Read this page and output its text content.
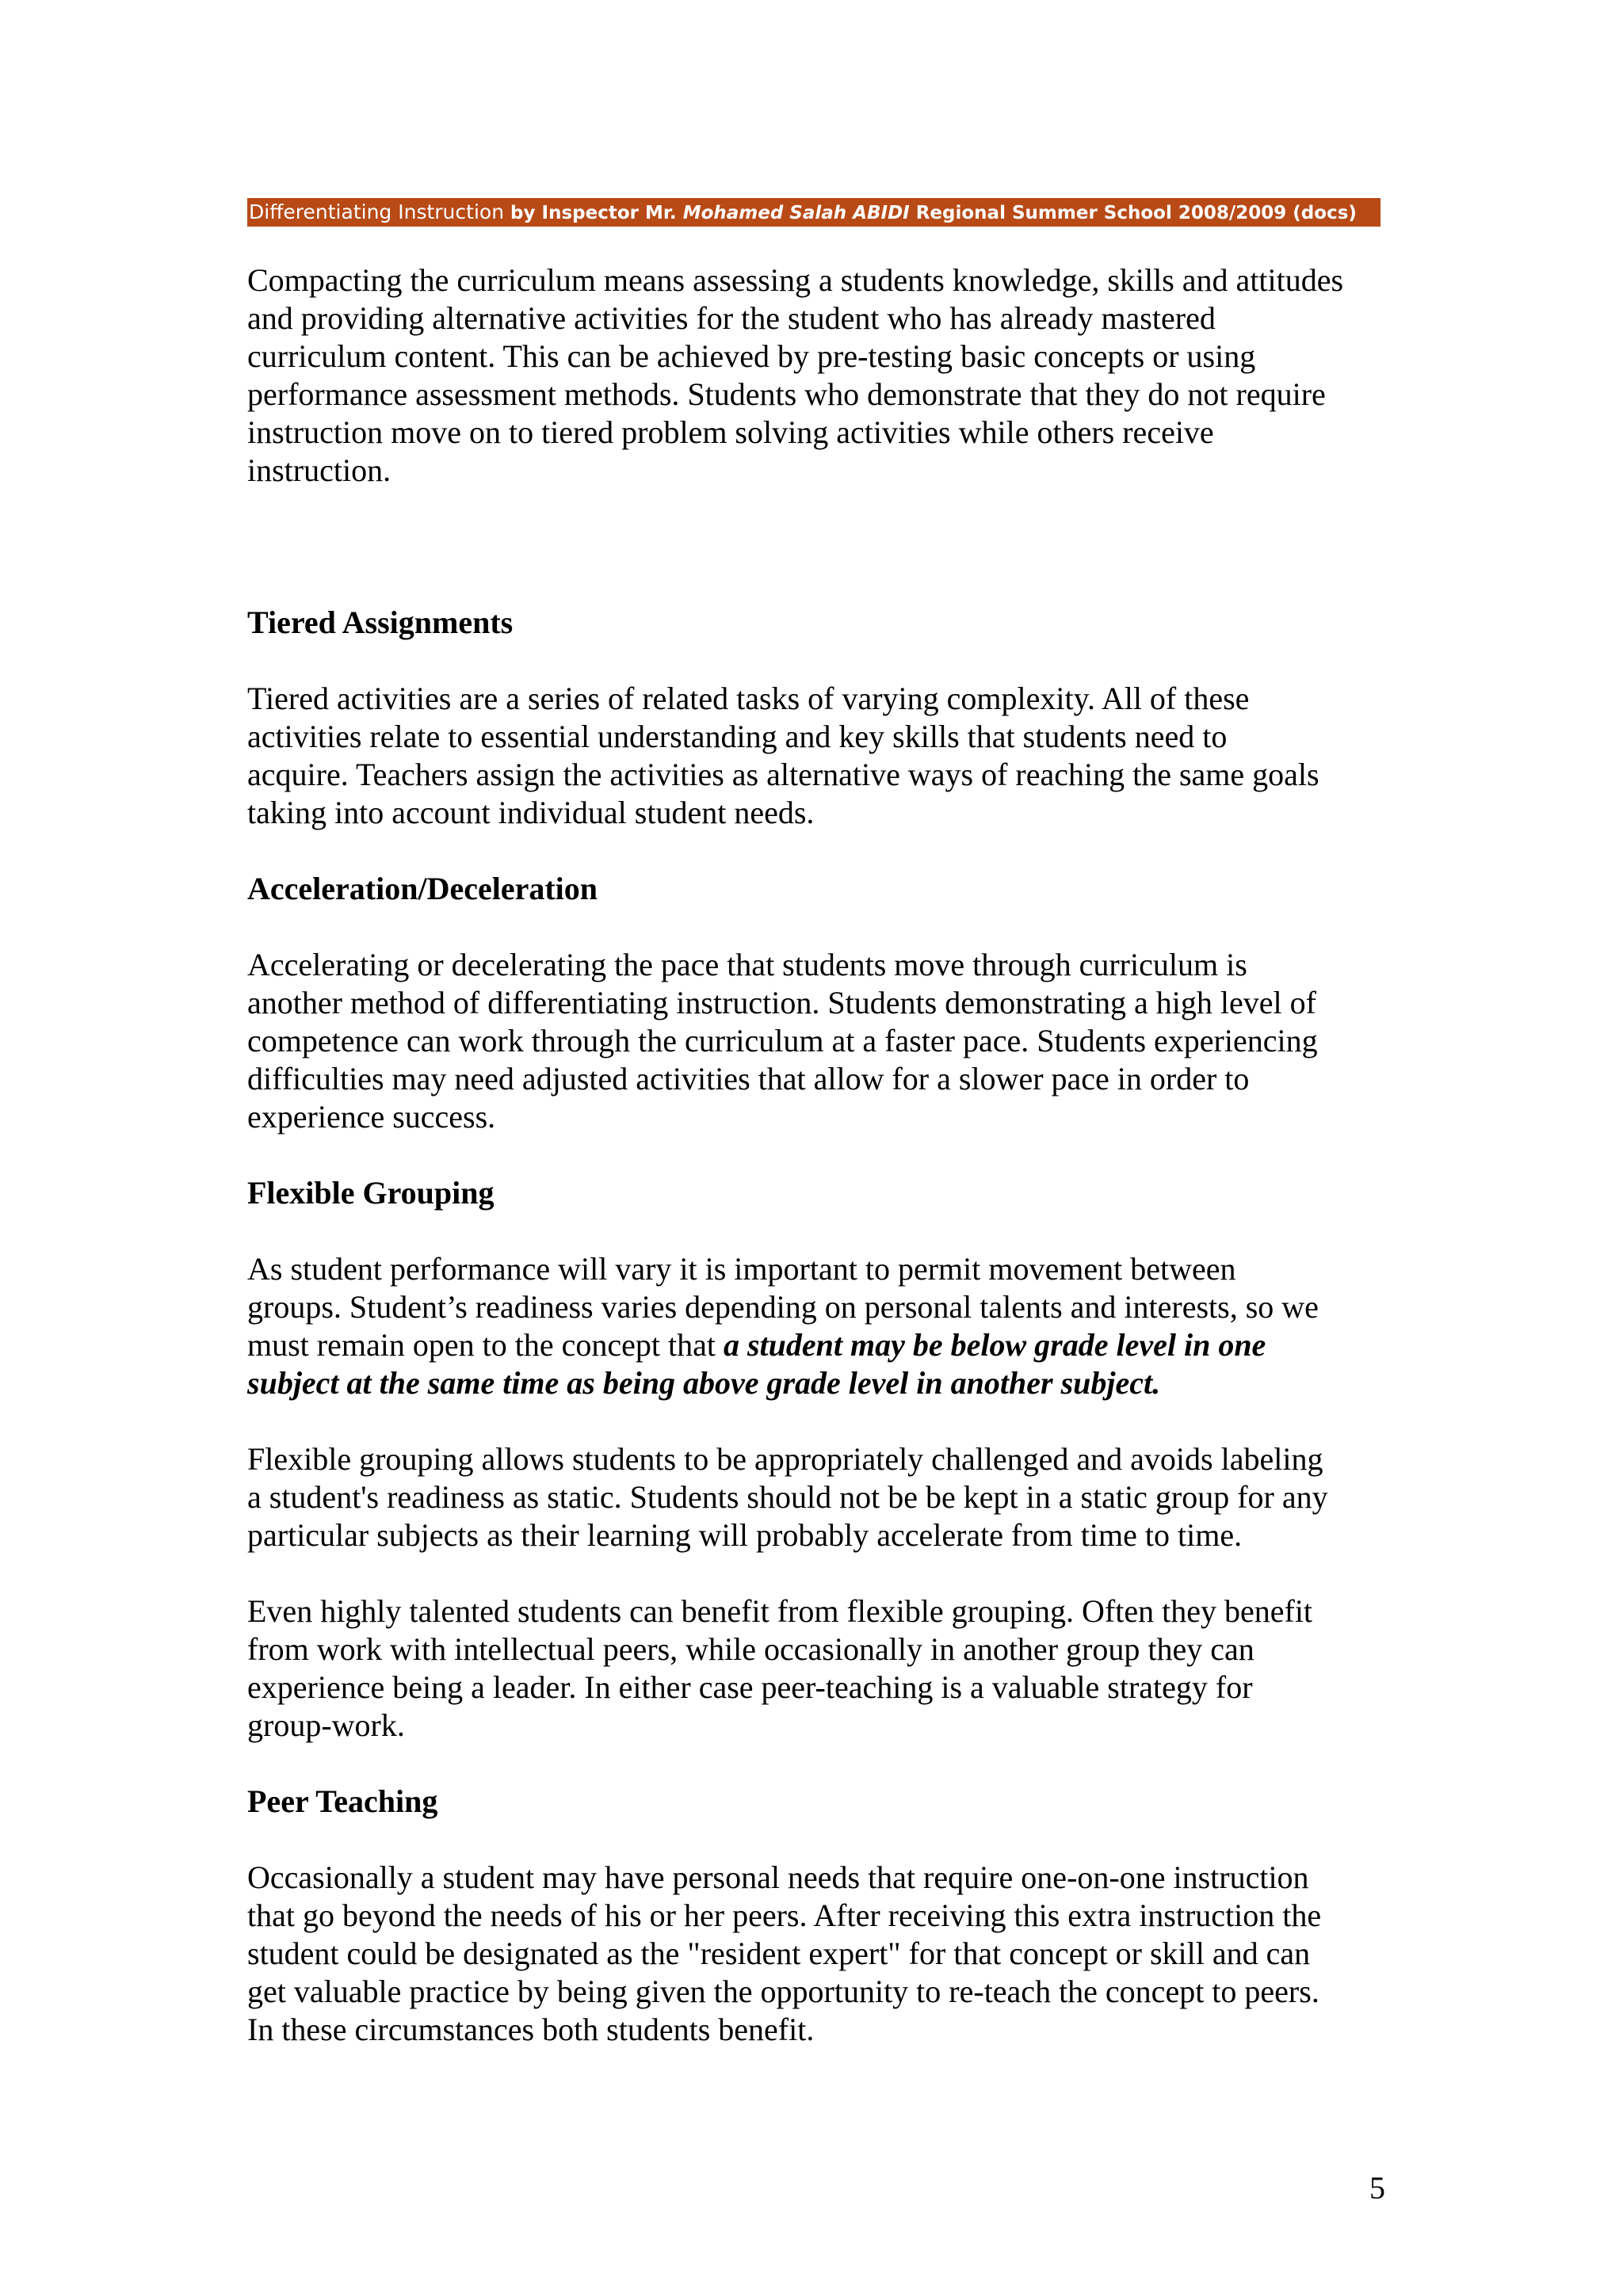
Differentiating Instruction by Inspector Mr. Mohamed Salah ABIDI Regional Summer School 2008/2009 (docs)

Compacting the curriculum means assessing a students knowledge, skills and attitudes
and providing alternative activities for the student who has already mastered
curriculum content. This can be achieved by pre-testing basic concepts or using
performance assessment methods. Students who demonstrate that they do not require
instruction move on to tiered problem solving activities while others receive
instruction.

Tiered Assignments

Tiered activities are a series of related tasks of varying complexity. All of these
activities relate to essential understanding and key skills that students need to
acquire. Teachers assign the activities as alternative ways of reaching the same goals
taking into account individual student needs.

Acceleration/Deceleration

Accelerating or decelerating the pace that students move through curriculum is
another method of differentiating instruction. Students demonstrating a high level of
competence can work through the curriculum at a faster pace. Students experiencing
difficulties may need adjusted activities that allow for a slower pace in order to
experience success.

Flexible Grouping

As student performance will vary it is important to permit movement between
groups. Student’s readiness varies depending on personal talents and interests, so we
must remain open to the concept that a student may be below grade level in one
subject at the same time as being above grade level in another subject.

Flexible grouping allows students to be appropriately challenged and avoids labeling
a student's readiness as static. Students should not be be kept in a static group for any
particular subjects as their learning will probably accelerate from time to time.

Even highly talented students can benefit from flexible grouping. Often they benefit
from work with intellectual peers, while occasionally in another group they can
experience being a leader. In either case peer-teaching is a valuable strategy for
group-work.

Peer Teaching

Occasionally a student may have personal needs that require one-on-one instruction
that go beyond the needs of his or her peers. After receiving this extra instruction the
student could be designated as the "resident expert" for that concept or skill and can
get valuable practice by being given the opportunity to re-teach the concept to peers.
In these circumstances both students benefit.

5
